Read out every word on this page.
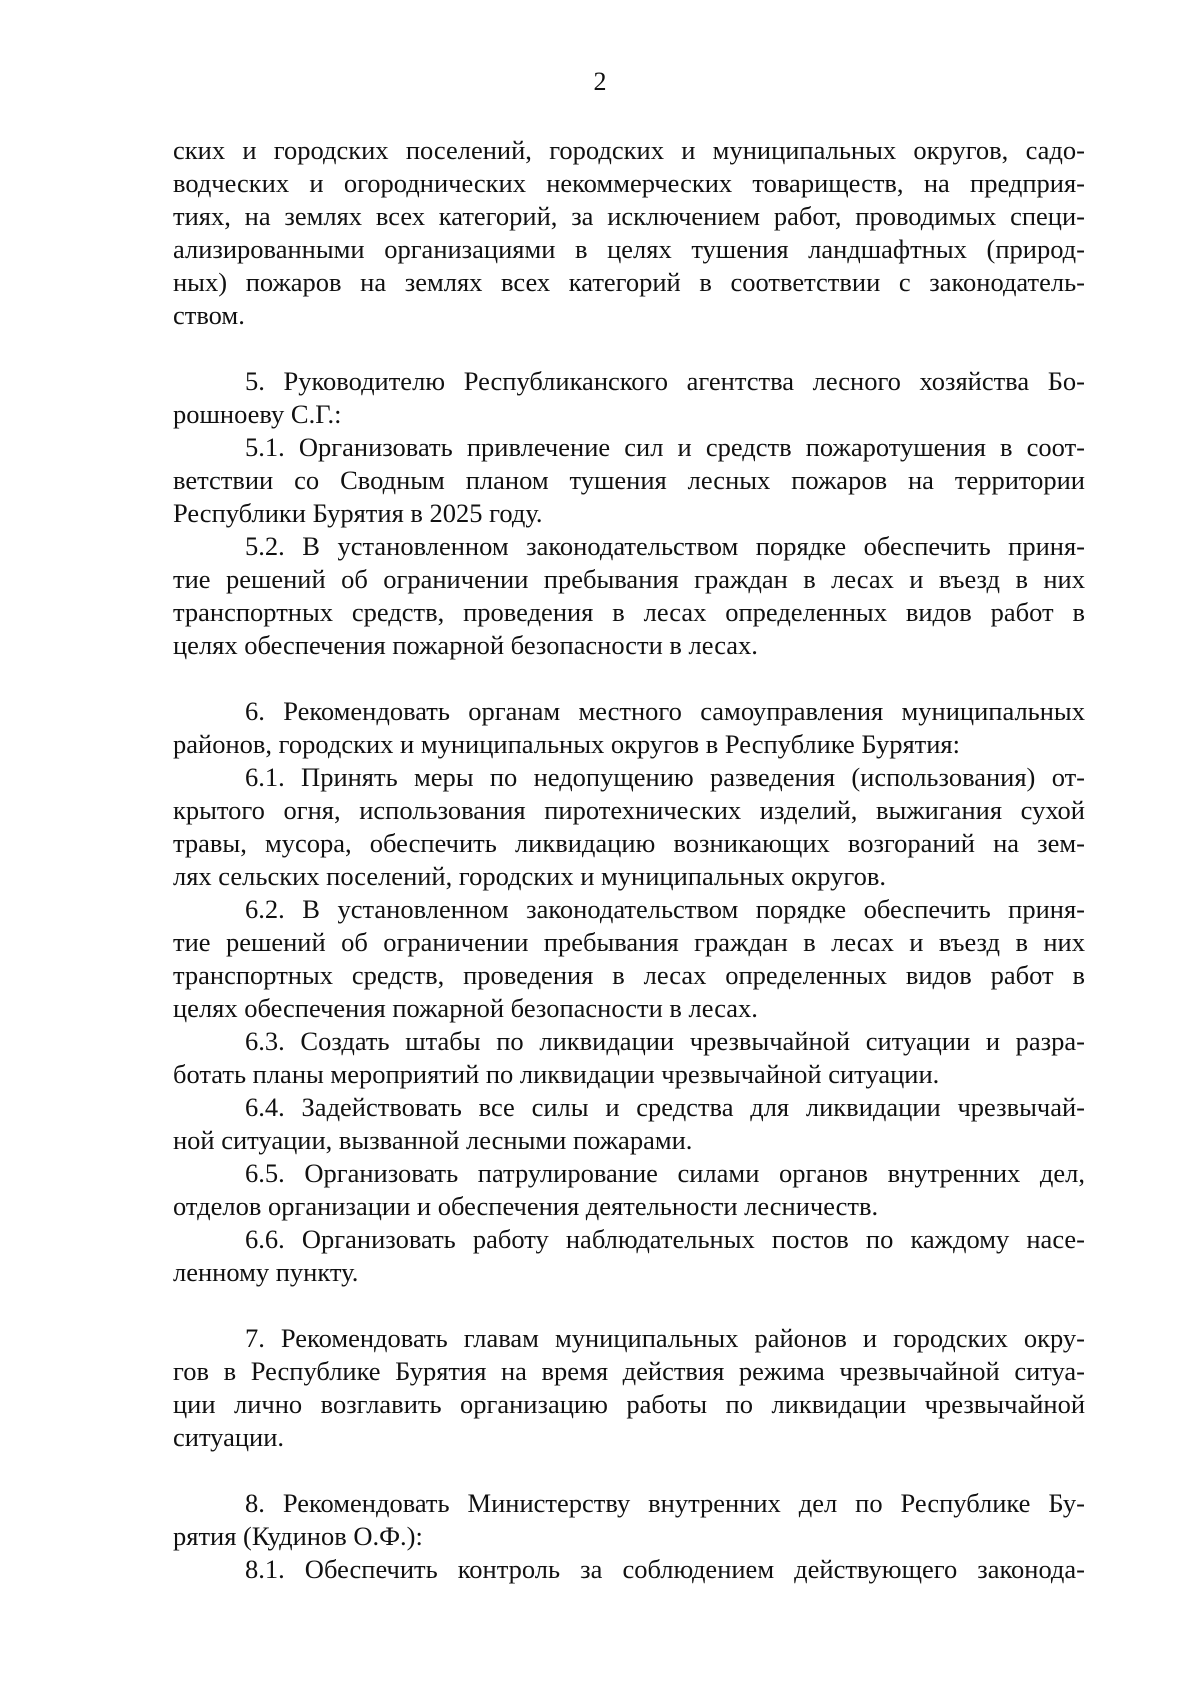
2

ских и городских поселений, городских и муниципальных округов, садо-
водческих и огороднических некоммерческих товариществ, на предприя-
тиях, на землях всех категорий, за исключением работ, проводимых специ-
ализированными организациями в целях тушения ландшафтных (природ-
ных) пожаров на землях всех категорий в соответствии с законодатель-
ством.

5. Руководителю Республиканского агентства лесного хозяйства Бо-
рошноеву С.Г.:

5.1. Организовать привлечение сил и средств пожаротушения в соот-
ветствии со Сводным планом тушения лесных пожаров на территории
Республики Бурятия в 2025 году.

5.2. В установленном законодательством порядке обеспечить приня-
тие решений об ограничении пребывания граждан в лесах и въезд в них
транспортных средств, проведения в лесах определенных видов работ в
целях обеспечения пожарной безопасности в лесах.

6. Рекомендовать органам местного самоуправления муниципальных
районов, городских и муниципальных округов в Республике Бурятия:

6.1. Принять меры по недопущению разведения (использования) от-
крытого огня, использования пиротехнических изделий, выжигания сухой
травы, мусора, обеспечить ликвидацию возникающих возгораний на зем-
лях сельских поселений, городских и муниципальных округов.

6.2. В установленном законодательством порядке обеспечить приня-
тие решений об ограничении пребывания граждан в лесах и въезд в них
транспортных средств, проведения в лесах определенных видов работ в
целях обеспечения пожарной безопасности в лесах.

6.3. Создать штабы по ликвидации чрезвычайной ситуации и разра-
ботать планы мероприятий по ликвидации чрезвычайной ситуации.

6.4. Задействовать все силы и средства для ликвидации чрезвычай-
ной ситуации, вызванной лесными пожарами.

6.5. Организовать патрулирование силами органов внутренних дел,
отделов организации и обеспечения деятельности лесничеств.

6.6. Организовать работу наблюдательных постов по каждому насе-
ленному пункту.

7. Рекомендовать главам муниципальных районов и городских окру-
гов в Республике Бурятия на время действия режима чрезвычайной ситуа-
ции лично возглавить организацию работы по ликвидации чрезвычайной
ситуации.

8. Рекомендовать Министерству внутренних дел по Республике Бу-
рятия (Кудинов О.Ф.):

8.1. Обеспечить контроль за соблюдением действующего законода-
